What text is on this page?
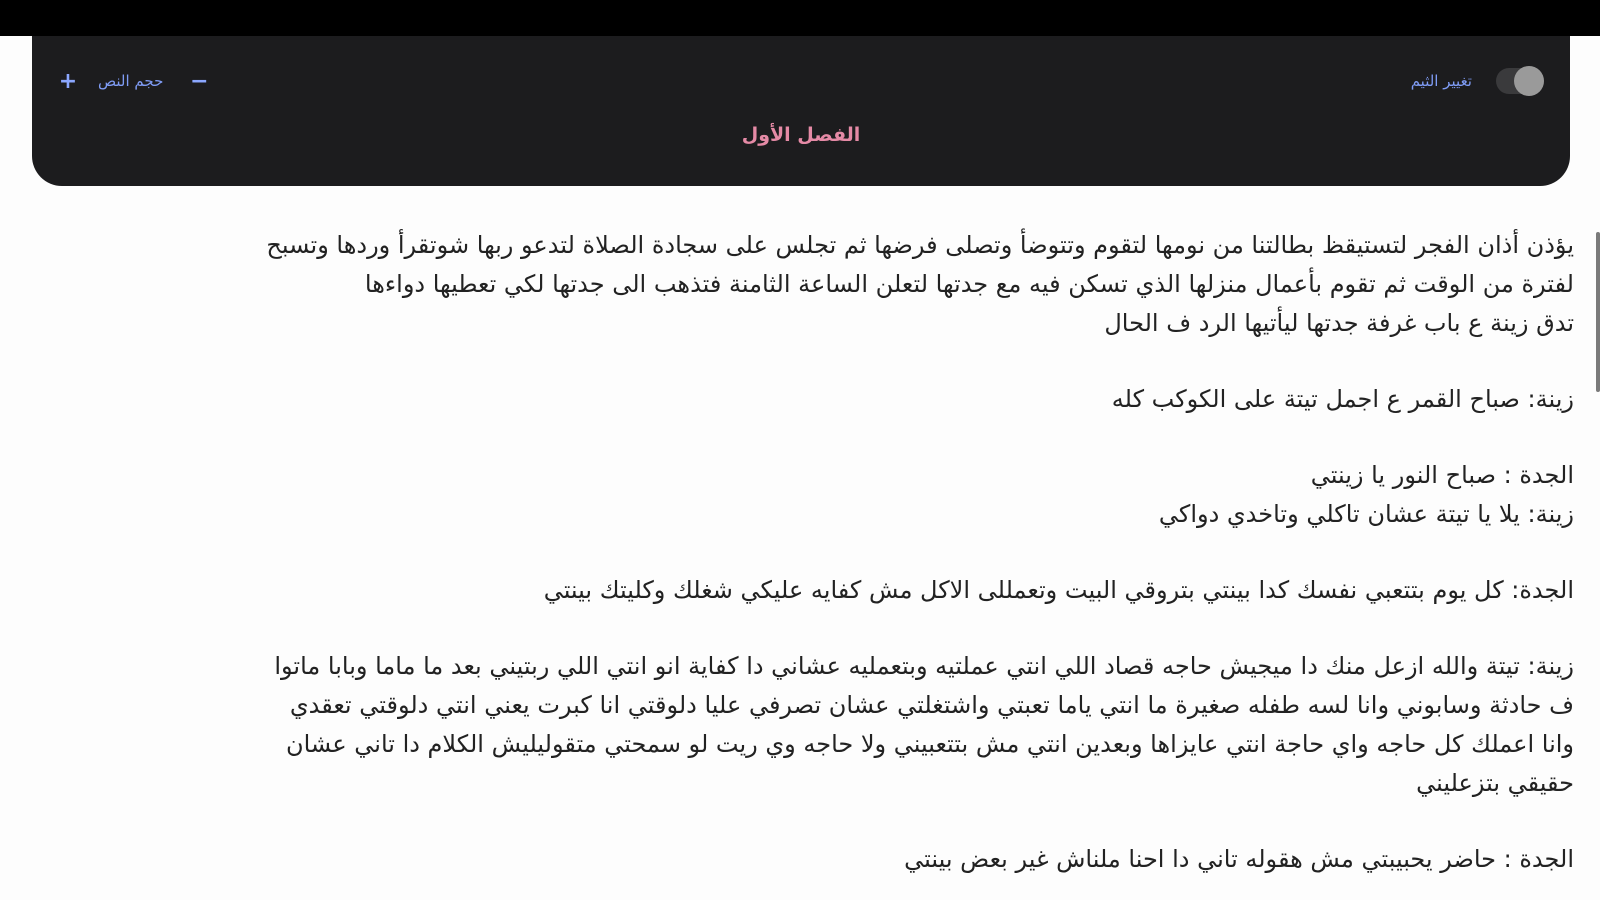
+ حجم النص −	تغيير الثيم
الفصل الأول
يؤذن أذان الفجر لتستيقظ بطالتنا من نومها لتقوم وتتوضأ وتصلى فرضها ثم تجلس على سجادة الصلاة لتدعو ربها شوتقرأ وردها وتسبح
لفترة من الوقت ثم تقوم بأعمال منزلها الذي تسكن فيه مع جدتها لتعلن الساعة الثامنة فتذهب الى جدتها لكي تعطيها دواءها
تدق زينة ع باب غرفة جدتها ليأتيها الرد ف الحال
زينة: صباح القمر ع اجمل تيتة على الكوكب كله
الجدة : صباح النور يا زينتي
زينة: يلا يا تيتة عشان تاكلي وتاخدي دواكي
الجدة: كل يوم بتتعبي نفسك كدا بينتي بتروقي البيت وتعمللى الاكل مش كفايه عليكي شغلك وكليتك بينتي
زينة: تيتة والله ازعل منك دا ميجيش حاجه قصاد اللي انتي عملتيه وبتعمليه عشاني دا كفاية انو انتي اللي ربتيني بعد ما ماما وبابا ماتوا
ف حادثة وسابوني وانا لسه طفله صغيرة ما انتي ياما تعبتي واشتغلتي عشان تصرفي عليا دلوقتي انا كبرت يعني انتي دلوقتي تعقدي
وانا اعملك كل حاجه واي حاجة انتي عايزاها وبعدين انتي مش بتتعبيني ولا حاجه وي ريت لو سمحتي متقوليليش الكلام دا تاني عشان
حقيقي بتزعليني
الجدة : حاضر يحبيبتي مش هقوله تاني دا احنا ملناش غير بعض بينتي
